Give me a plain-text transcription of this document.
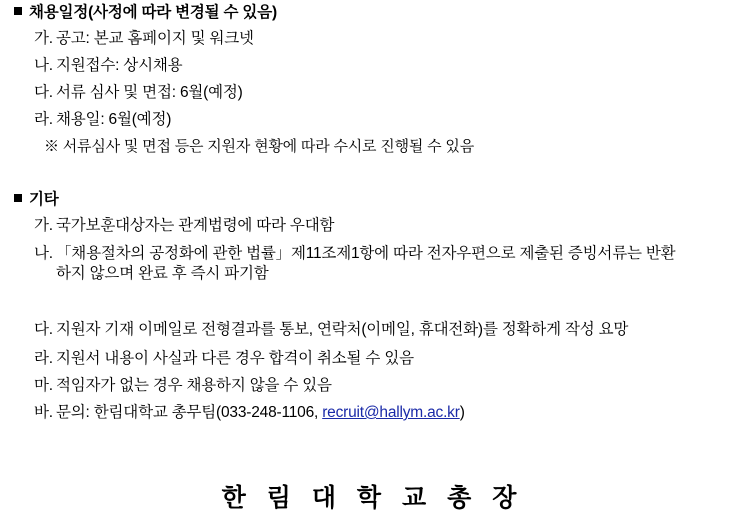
채용일정(사정에 따라 변경될 수 있음)
가. 공고: 본교 홈페이지 및 워크넷
나. 지원접수: 상시채용
다. 서류 심사 및 면접: 6월(예정)
라. 채용일: 6월(예정)
※ 서류심사 및 면접 등은 지원자 현황에 따라 수시로 진행될 수 있음
기타
가. 국가보훈대상자는 관계법령에 따라 우대함
나. 「채용절차의 공정화에 관한 법률」제11조제1항에 따라 전자우편으로 제출된 증빙서류는 반환
하지 않으며 완료 후 즉시 파기함
다. 지원자 기재 이메일로 전형결과를 통보, 연락처(이메일, 휴대전화)를 정확하게 작성 요망
라. 지원서 내용이 사실과 다른 경우 합격이 취소될 수 있음
마. 적임자가 없는 경우 채용하지 않을 수 있음
바. 문의: 한림대학교 총무팀(033-248-1106, recruit@hallym.ac.kr)
한 림 대 학 교 총 장
